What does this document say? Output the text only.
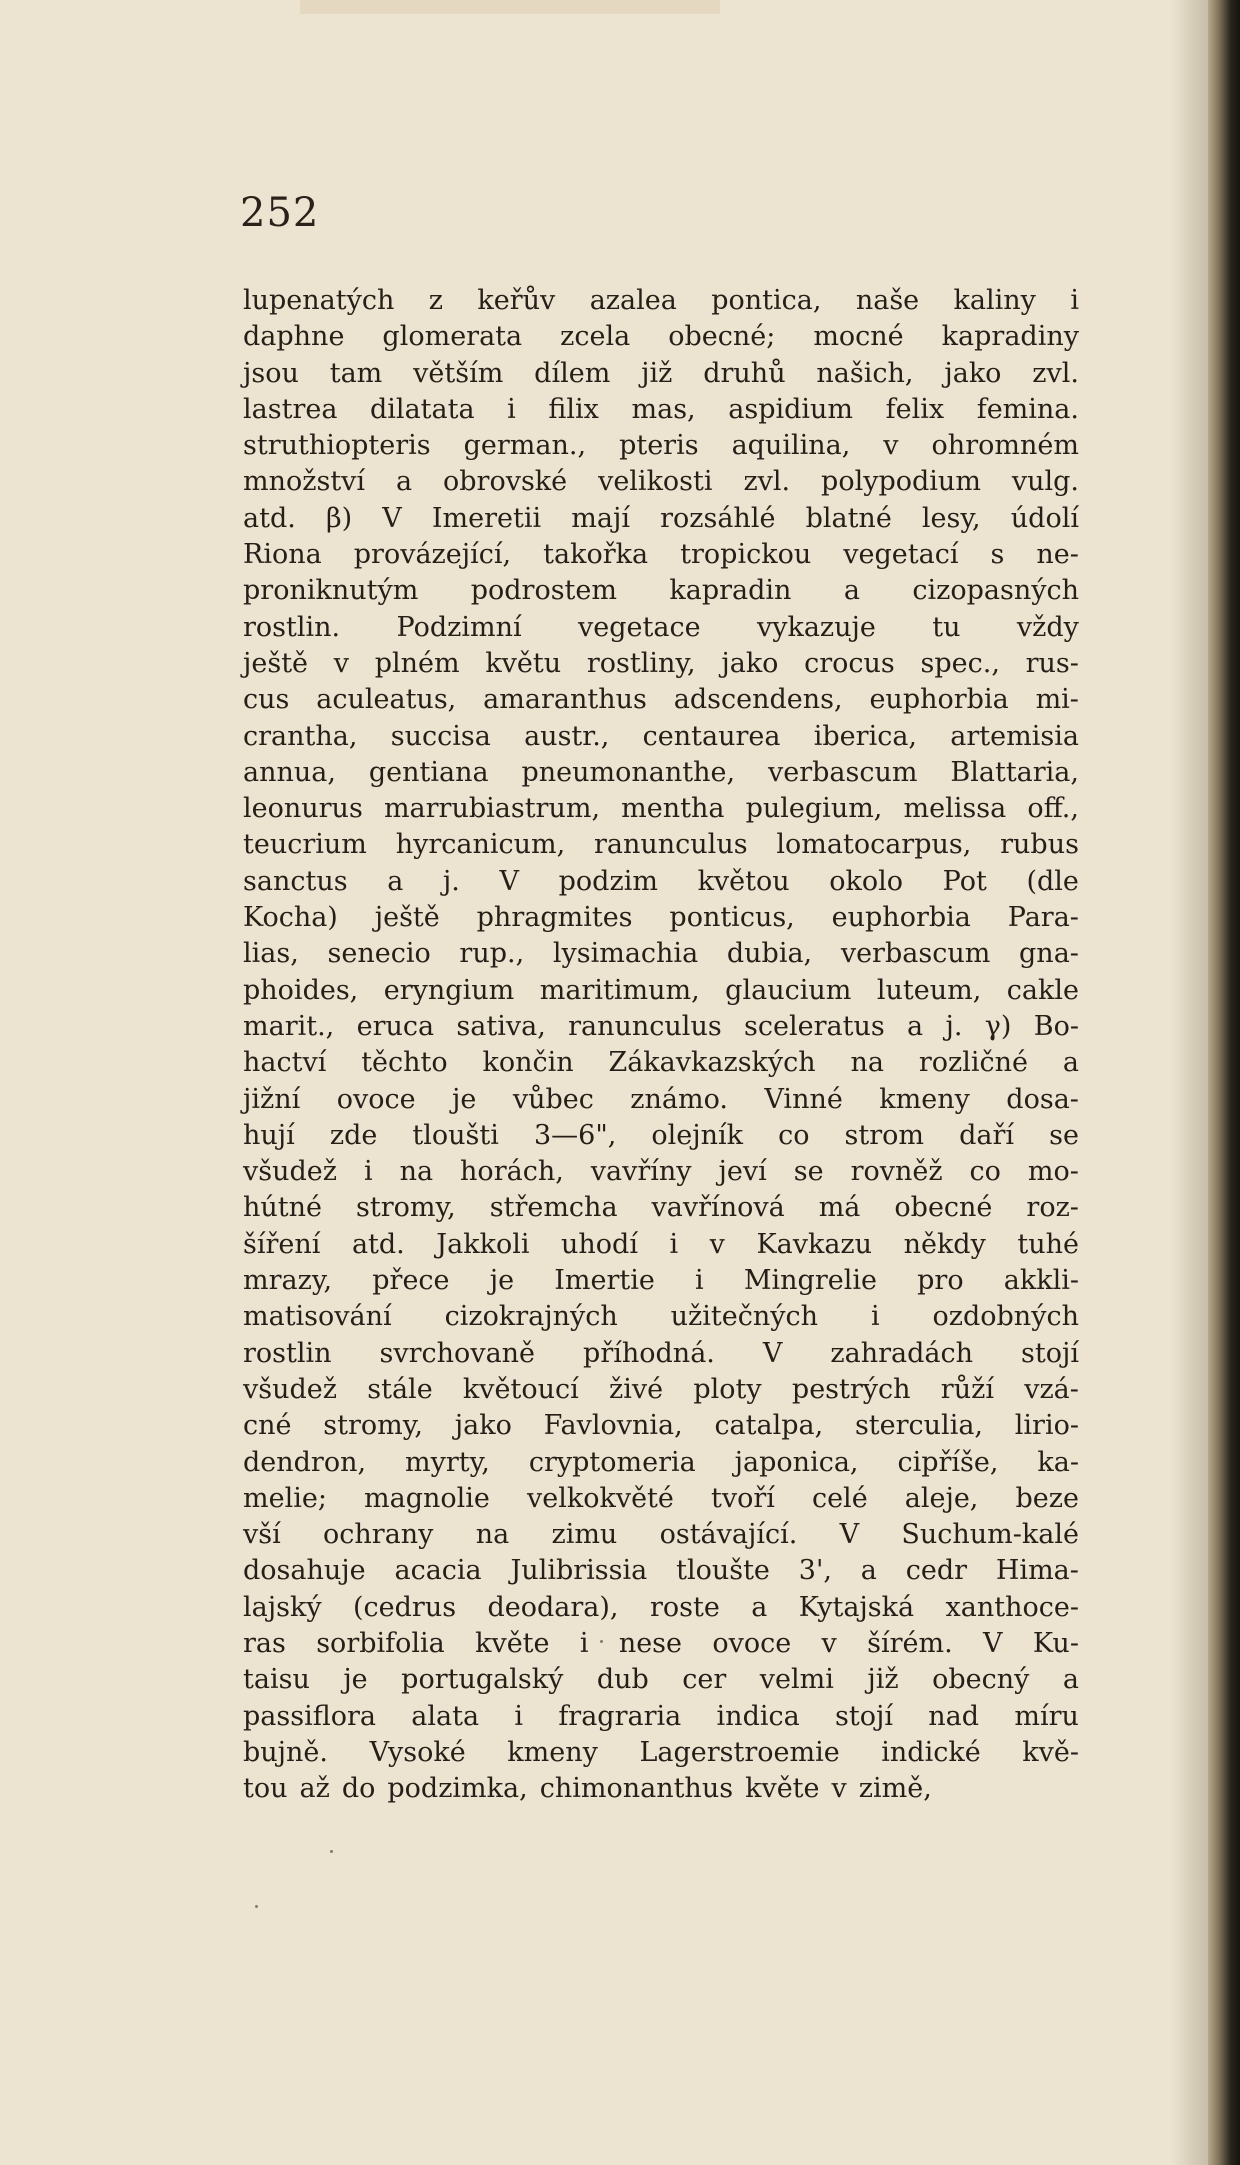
252
lupenatých z keřův azalea pontica, naše kaliny i
daphne glomerata zcela obecné; mocné kapradiny
jsou tam větším dílem již druhů našich, jako zvl.
lastrea dilatata i filix mas, aspidium felix femina.
struthiopteris german., pteris aquilina, v ohromném
množství a obrovské velikosti zvl. polypodium vulg.
atd. β) V Imeretii mají rozsáhlé blatné lesy, údolí
Riona provázející, takořka tropickou vegetací s ne-
proniknutým podrostem kapradin a cizopasných
rostlin. Podzimní vegetace vykazuje tu vždy
ještě v plném květu rostliny, jako crocus spec., rus-
cus aculeatus, amaranthus adscendens, euphorbia mi-
crantha, succisa austr., centaurea iberica, artemisia
annua, gentiana pneumonanthe, verbascum Blattaria,
leonurus marrubiastrum, mentha pulegium, melissa off.,
teucrium hyrcanicum, ranunculus lomatocarpus, rubus
sanctus a j. V podzim květou okolo Pot (dle
Kocha) ještě phragmites ponticus, euphorbia Para-
lias, senecio rup., lysimachia dubia, verbascum gna-
phoides, eryngium maritimum, glaucium luteum, cakle
marit., eruca sativa, ranunculus sceleratus a j. γ) Bo-
hactví těchto končin Zákavkazských na rozličné a
jižní ovoce je vůbec známo. Vinné kmeny dosa-
hují zde tloušti 3—6", olejník co strom daří se
všudež i na horách, vavříny jeví se rovněž co mo-
hútné stromy, střemcha vavřínová má obecné roz-
šíření atd. Jakkoli uhodí i v Kavkazu někdy tuhé
mrazy, přece je Imertie i Mingrelie pro akkli-
matisování cizokrajných užitečných i ozdobných
rostlin svrchovaně příhodná. V zahradách stojí
všudež stále květoucí živé ploty pestrých růží vzá-
cné stromy, jako Favlovnia, catalpa, sterculia, lirio-
dendron, myrty, cryptomeria japonica, cipříše, ka-
melie; magnolie velkokvěté tvoří celé aleje, beze
vší ochrany na zimu ostávající. V Suchum-kalé
dosahuje acacia Julibrissia tloušte 3', a cedr Hima-
lajský (cedrus deodara), roste a Kytajská xanthoce-
ras sorbifolia květe i nese ovoce v šírém. V Ku-
taisu je portugalský dub cer velmi již obecný a
passiflora alata i fragraria indica stojí nad míru
bujně. Vysoké kmeny Lagerstroemie indické kvě-
tou až do podzimka, chimonanthus květe v zimě,
